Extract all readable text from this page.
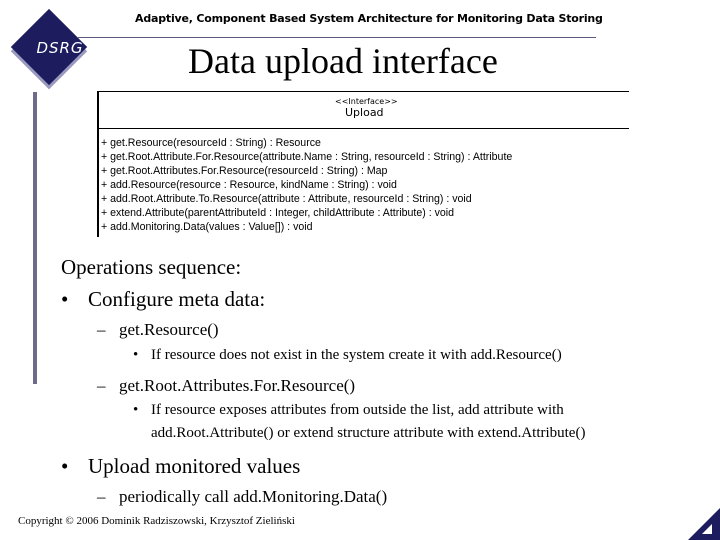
Adaptive, Component Based System Architecture for Monitoring Data Storing
DSRG	Data upload interface
<<Interface>>
Upload
+ get.Resource(resourceId : String) : Resource
+ get.Root.Attribute.For.Resource(attribute.Name : String, resourceId : String) : Attribute
+ get.Root.Attributes.For.Resource(resourceId : String) : Map
+ add.Resource(resource : Resource, kindName : String) : void
+ add.Root.Attribute.To.Resource(attribute : Attribute, resourceId : String) : void
+ extend.Attribute(parentAttributeId : Integer, childAttribute : Attribute) : void
+ add.Monitoring.Data(values : Value[]) : void
Operations sequence:
• Configure meta data:
– get.Resource()
• If resource does not exist in the system create it with add.Resource()
– get.Root.Attributes.For.Resource()
• If resource exposes attributes from outside the list, add attribute with
add.Root.Attribute() or extend structure attribute with extend.Attribute()
• Upload monitored values
– periodically call add.Monitoring.Data()
Copyright © 2006 Dominik Radziszowski, Krzysztof Zieliński
